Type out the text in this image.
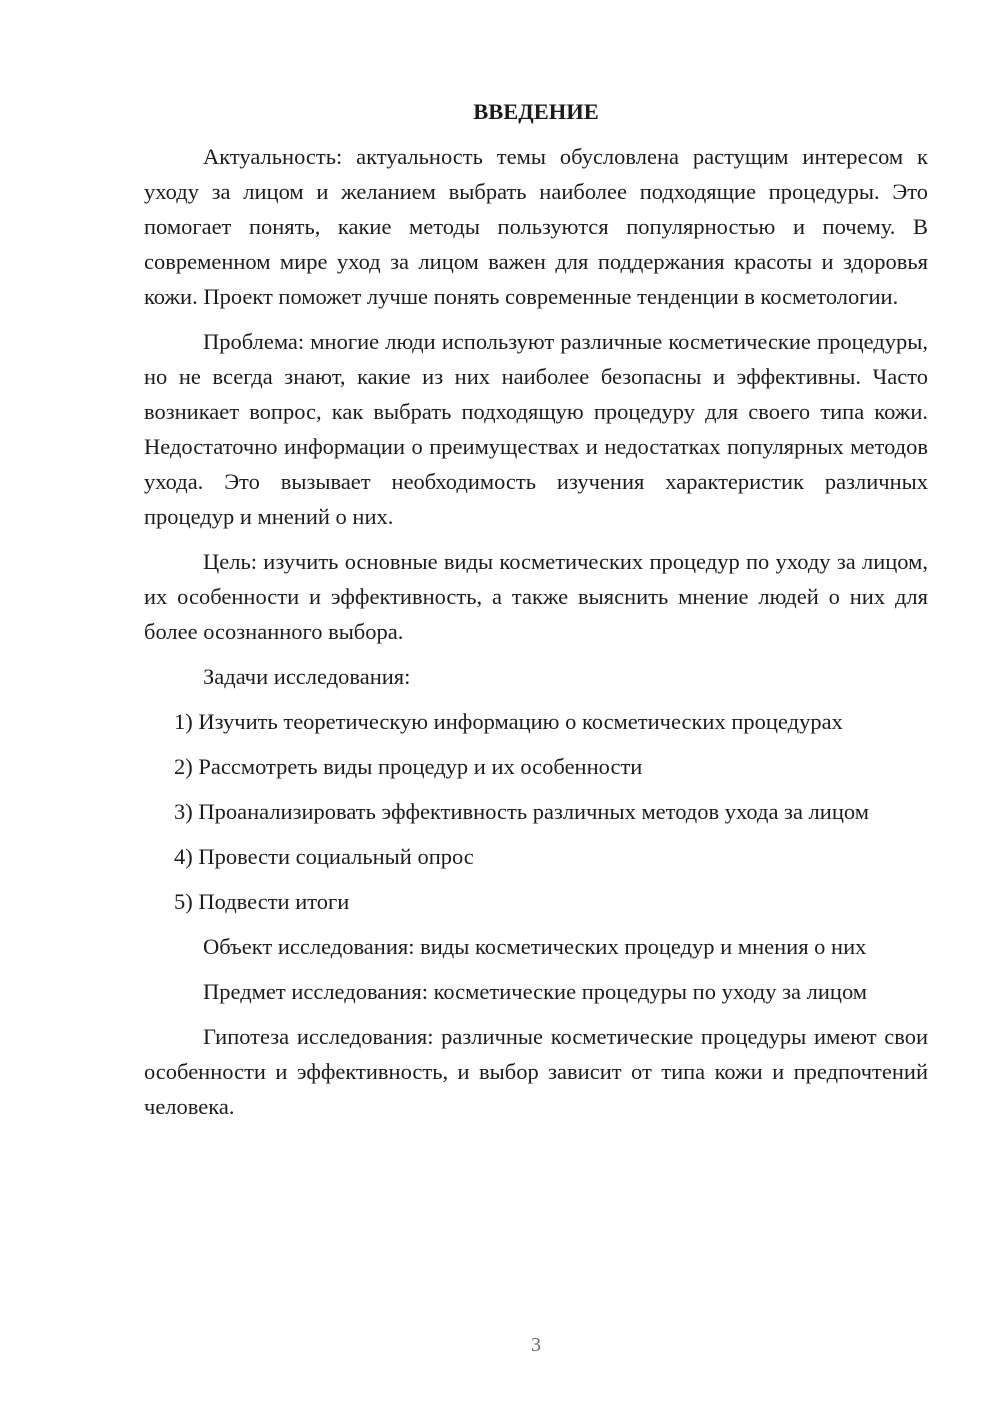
ВВЕДЕНИЕ

Актуальность: актуальность темы обусловлена растущим интересом к уходу за лицом и желанием выбрать наиболее подходящие процедуры. Это помогает понять, какие методы пользуются популярностью и почему. В современном мире уход за лицом важен для поддержания красоты и здоровья кожи. Проект поможет лучше понять современные тенденции в косметологии.

Проблема: многие люди используют различные косметические процедуры, но не всегда знают, какие из них наиболее безопасны и эффективны. Часто возникает вопрос, как выбрать подходящую процедуру для своего типа кожи. Недостаточно информации о преимуществах и недостатках популярных методов ухода. Это вызывает необходимость изучения характеристик различных процедур и мнений о них.

Цель: изучить основные виды косметических процедур по уходу за лицом, их особенности и эффективность, а также выяснить мнение людей о них для более осознанного выбора.

Задачи исследования:

1) Изучить теоретическую информацию о косметических процедурах

2) Рассмотреть виды процедур и их особенности

3) Проанализировать эффективность различных методов ухода за лицом

4) Провести социальный опрос

5) Подвести итоги

Объект исследования: виды косметических процедур и мнения о них

Предмет исследования: косметические процедуры по уходу за лицом

Гипотеза исследования: различные косметические процедуры имеют свои особенности и эффективность, и выбор зависит от типа кожи и предпочтений человека.

3
